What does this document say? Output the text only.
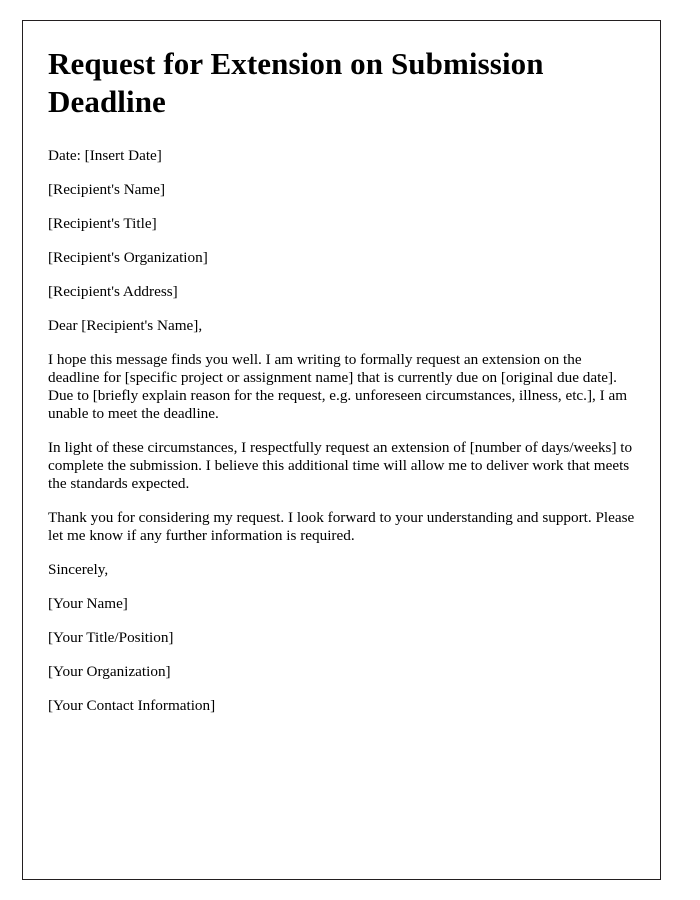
Request for Extension on Submission Deadline

Date: [Insert Date]

[Recipient's Name]

[Recipient's Title]

[Recipient's Organization]

[Recipient's Address]

Dear [Recipient's Name],

I hope this message finds you well. I am writing to formally request an extension on the deadline for [specific project or assignment name] that is currently due on [original due date]. Due to [briefly explain reason for the request, e.g. unforeseen circumstances, illness, etc.], I am unable to meet the deadline.

In light of these circumstances, I respectfully request an extension of [number of days/weeks] to complete the submission. I believe this additional time will allow me to deliver work that meets the standards expected.

Thank you for considering my request. I look forward to your understanding and support. Please let me know if any further information is required.

Sincerely,

[Your Name]

[Your Title/Position]

[Your Organization]

[Your Contact Information]
